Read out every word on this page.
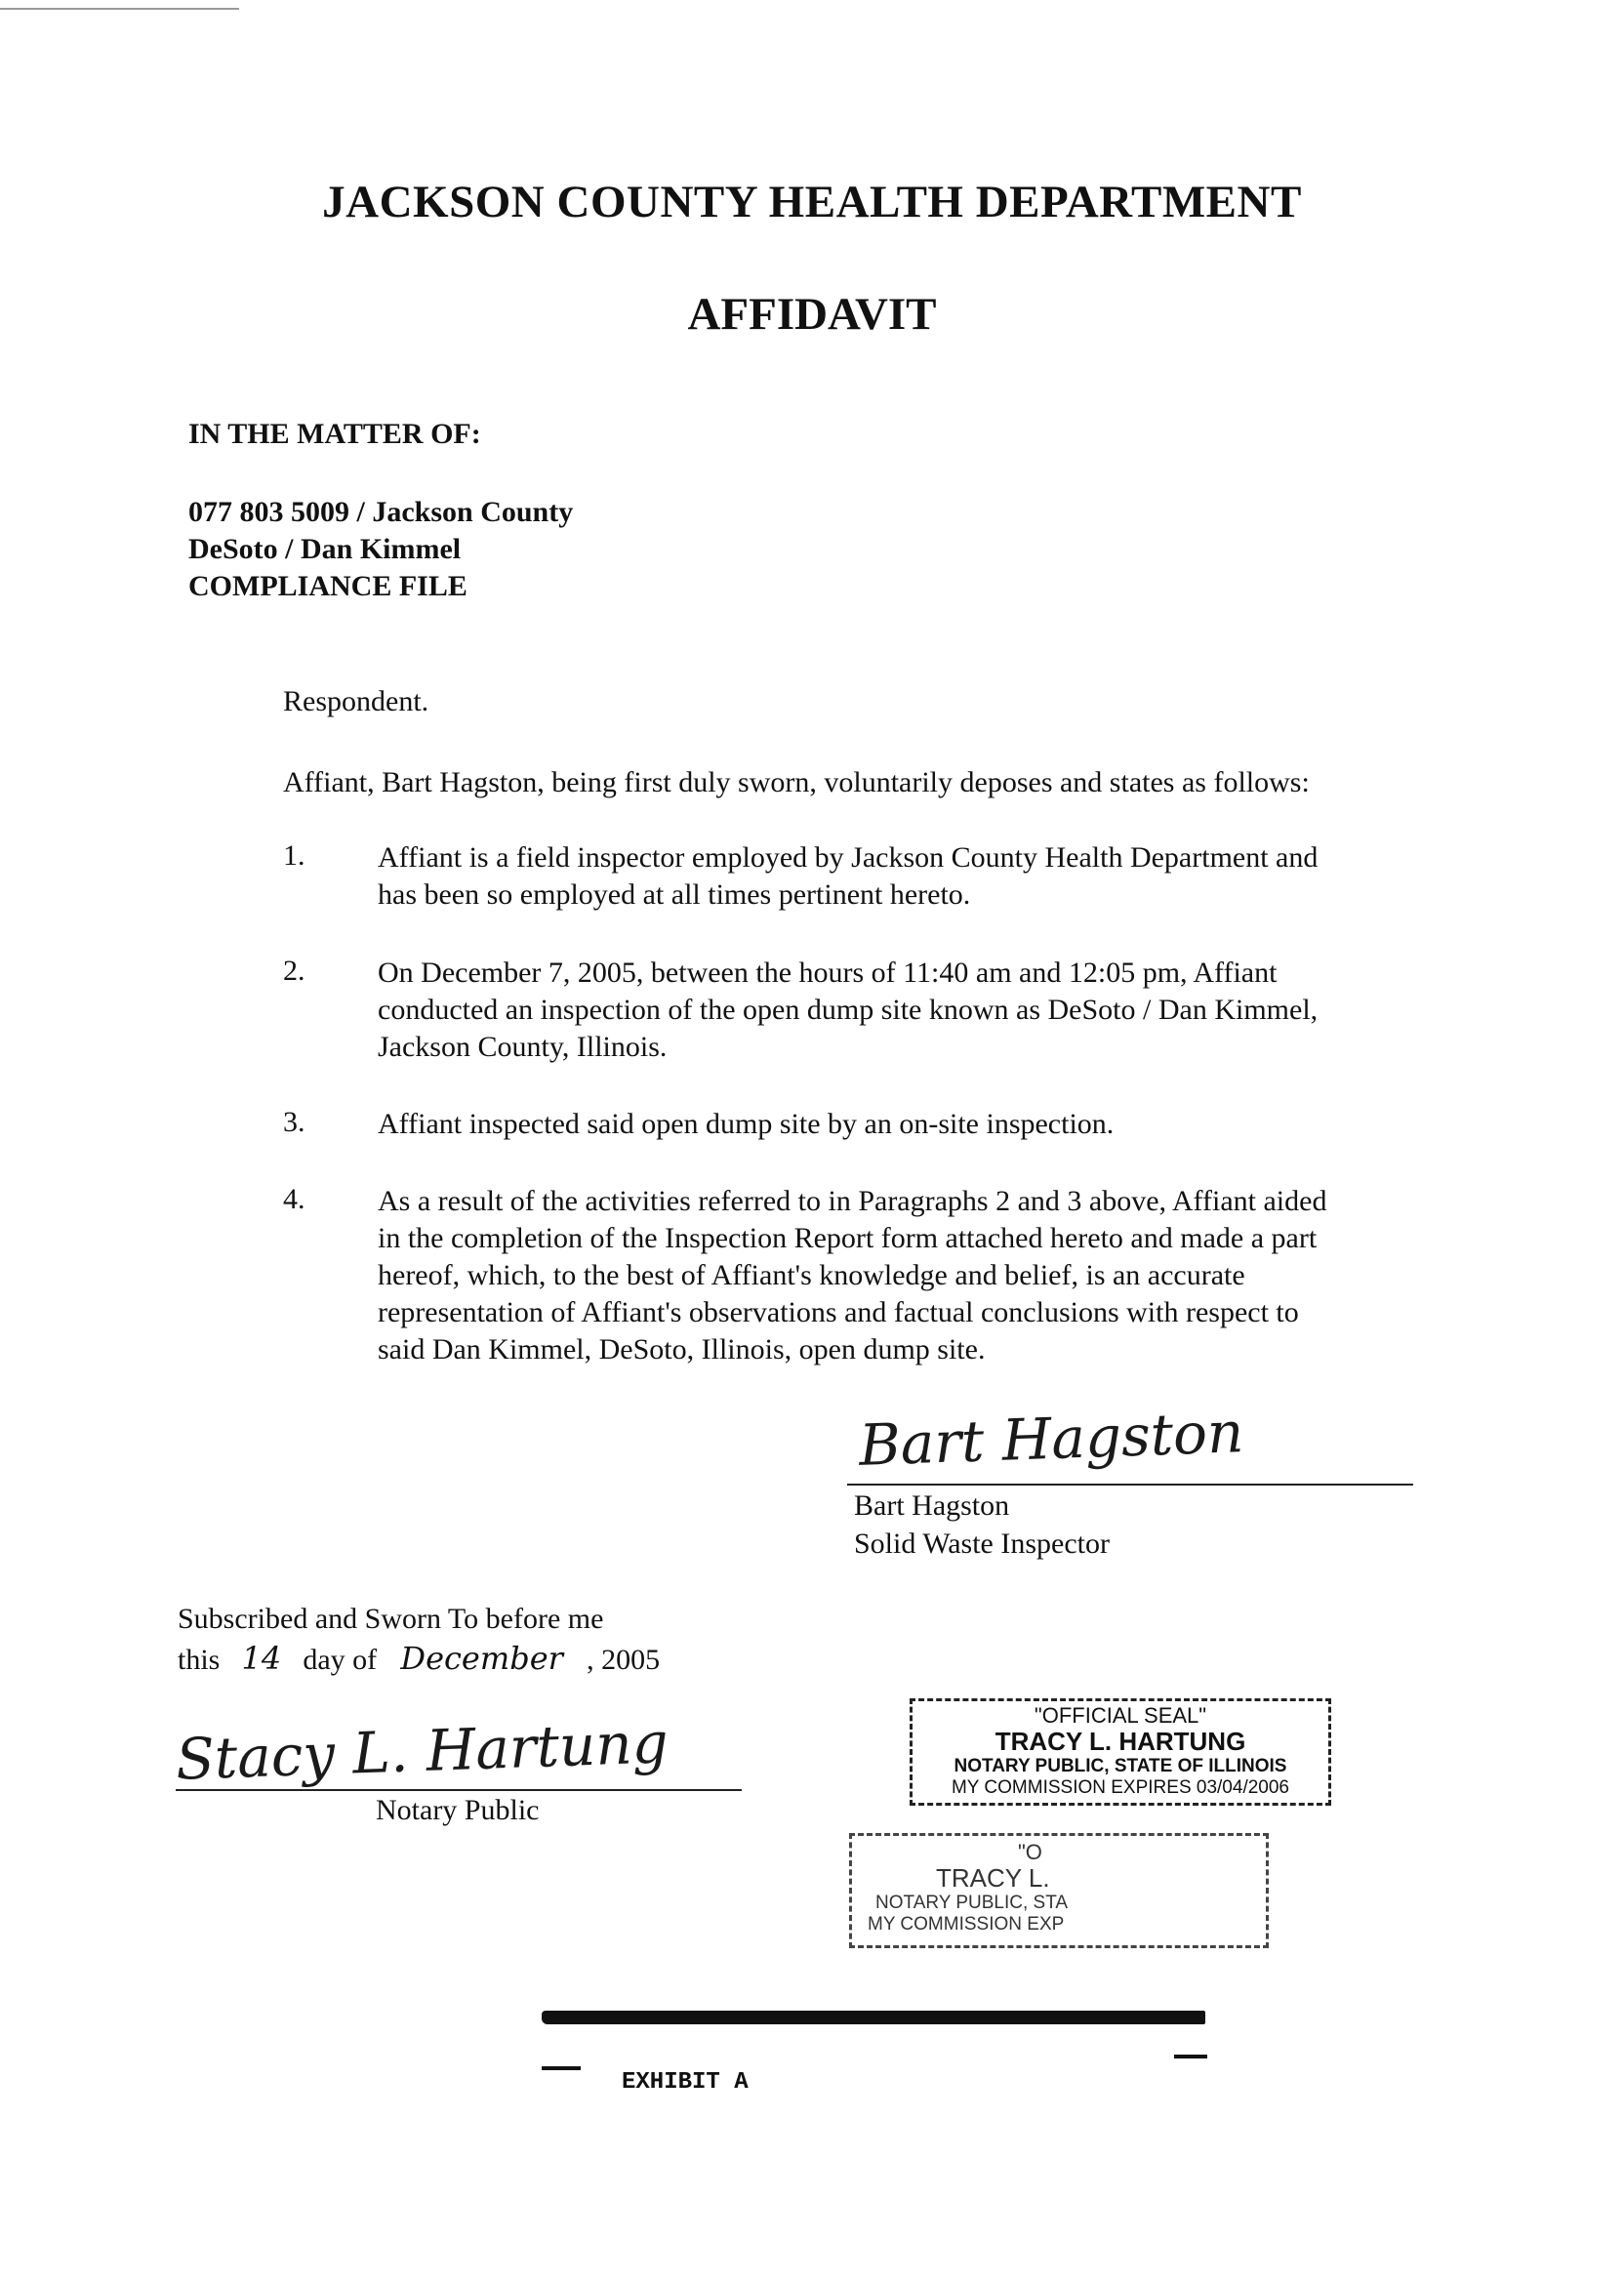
JACKSON COUNTY HEALTH DEPARTMENT
AFFIDAVIT
IN THE MATTER OF:
077 803 5009 / Jackson County
DeSoto / Dan Kimmel
COMPLIANCE FILE
Respondent.
Affiant, Bart Hagston, being first duly sworn, voluntarily deposes and states as follows:
1. Affiant is a field inspector employed by Jackson County Health Department and
has been so employed at all times pertinent hereto.
2. On December 7, 2005, between the hours of 11:40 am and 12:05 pm, Affiant
conducted an inspection of the open dump site known as DeSoto / Dan Kimmel,
Jackson County, Illinois.
3. Affiant inspected said open dump site by an on-site inspection.
4. As a result of the activities referred to in Paragraphs 2 and 3 above, Affiant aided
in the completion of the Inspection Report form attached hereto and made a part
hereof, which, to the best of Affiant's knowledge and belief, is an accurate
representation of Affiant's observations and factual conclusions with respect to
said Dan Kimmel, DeSoto, Illinois, open dump site.
Bart Hagston
Bart Hagston
Solid Waste Inspector
Subscribed and Sworn To before me
this 14 day of December , 2005
Stacy L. Hartung
Notary Public
"OFFICIAL SEAL"
TRACY L. HARTUNG
NOTARY PUBLIC, STATE OF ILLINOIS
MY COMMISSION EXPIRES 03/04/2006
"O
TRACY L.
NOTARY PUBLIC, STA
MY COMMISSION EXP
EXHIBIT A
